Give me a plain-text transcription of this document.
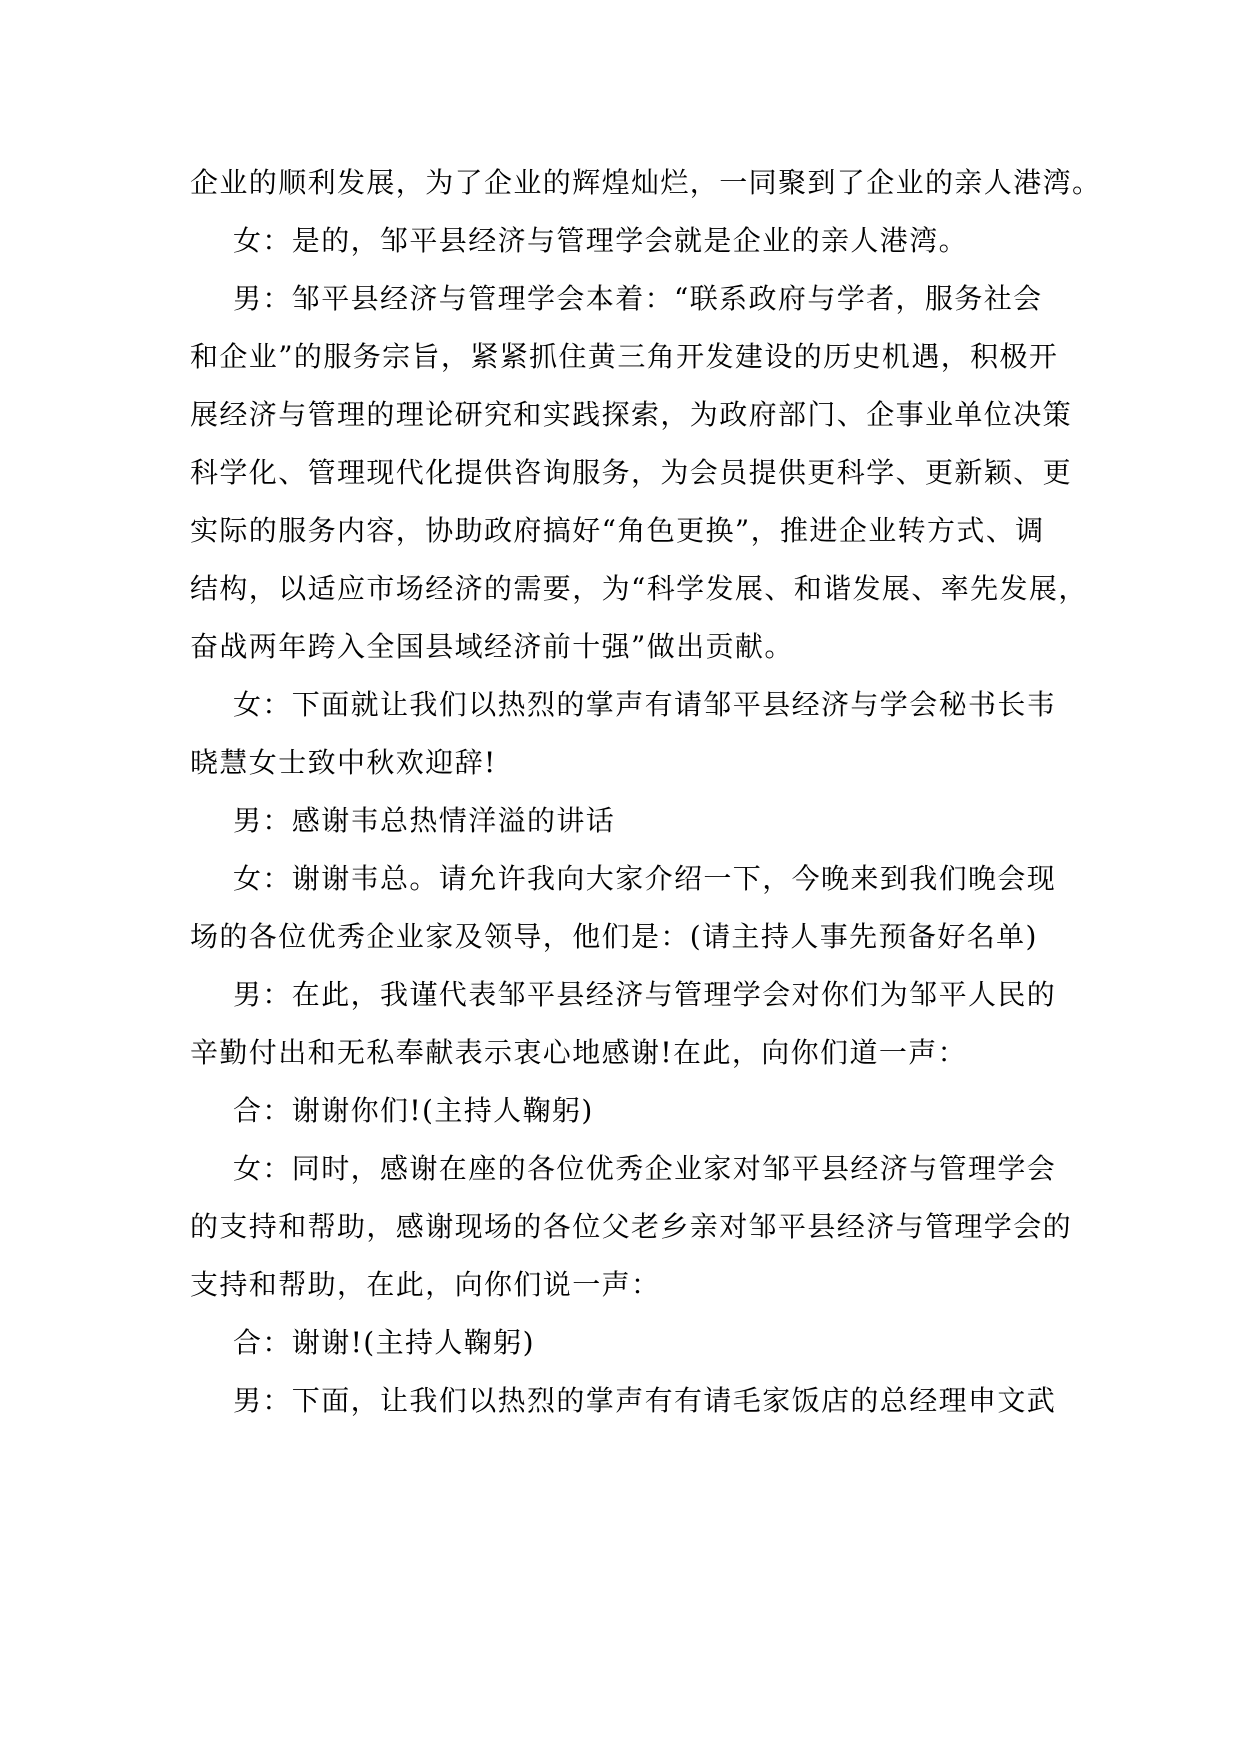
企业的顺利发展，为了企业的辉煌灿烂，一同聚到了企业的亲人港湾。
女：是的，邹平县经济与管理学会就是企业的亲人港湾。
男：邹平县经济与管理学会本着：“联系政府与学者，服务社会
和企业”的服务宗旨，紧紧抓住黄三角开发建设的历史机遇，积极开
展经济与管理的理论研究和实践探索，为政府部门、企事业单位决策
科学化、管理现代化提供咨询服务，为会员提供更科学、更新颖、更
实际的服务内容，协助政府搞好“角色更换”，推进企业转方式、调
结构，以适应市场经济的需要，为“科学发展、和谐发展、率先发展，
奋战两年跨入全国县域经济前十强”做出贡献。
女：下面就让我们以热烈的掌声有请邹平县经济与学会秘书长韦
晓慧女士致中秋欢迎辞!
男：感谢韦总热情洋溢的讲话
女：谢谢韦总。请允许我向大家介绍一下，今晚来到我们晚会现
场的各位优秀企业家及领导，他们是：(请主持人事先预备好名单)
男：在此，我谨代表邹平县经济与管理学会对你们为邹平人民的
辛勤付出和无私奉献表示衷心地感谢!在此，向你们道一声：
合：谢谢你们!(主持人鞠躬)
女：同时，感谢在座的各位优秀企业家对邹平县经济与管理学会
的支持和帮助，感谢现场的各位父老乡亲对邹平县经济与管理学会的
支持和帮助，在此，向你们说一声：
合：谢谢!(主持人鞠躬)
男：下面，让我们以热烈的掌声有有请毛家饭店的总经理申文武
